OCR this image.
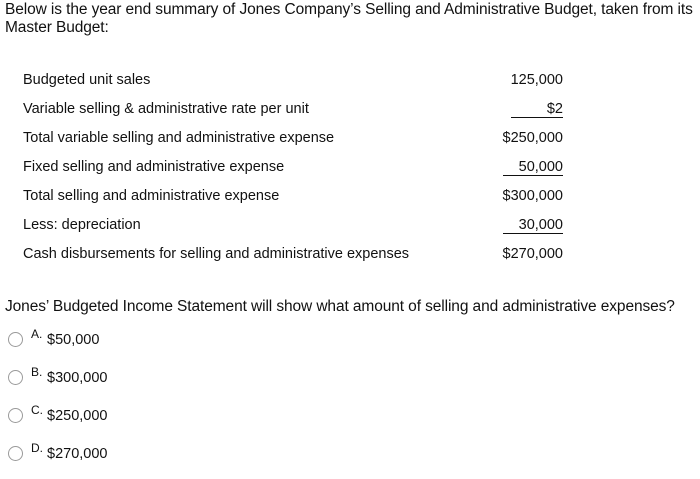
Below is the year end summary of Jones Company’s Selling and Administrative Budget, taken from its Master Budget:
Budgeted unit sales	125,000
Variable selling & administrative rate per unit	$2
Total variable selling and administrative expense	$250,000
Fixed selling and administrative expense	50,000
Total selling and administrative expense	$300,000
Less: depreciation	30,000
Cash disbursements for selling and administrative expenses	$270,000
Jones’ Budgeted Income Statement will show what amount of selling and administrative expenses?
A. $50,000
B. $300,000
C. $250,000
D. $270,000
